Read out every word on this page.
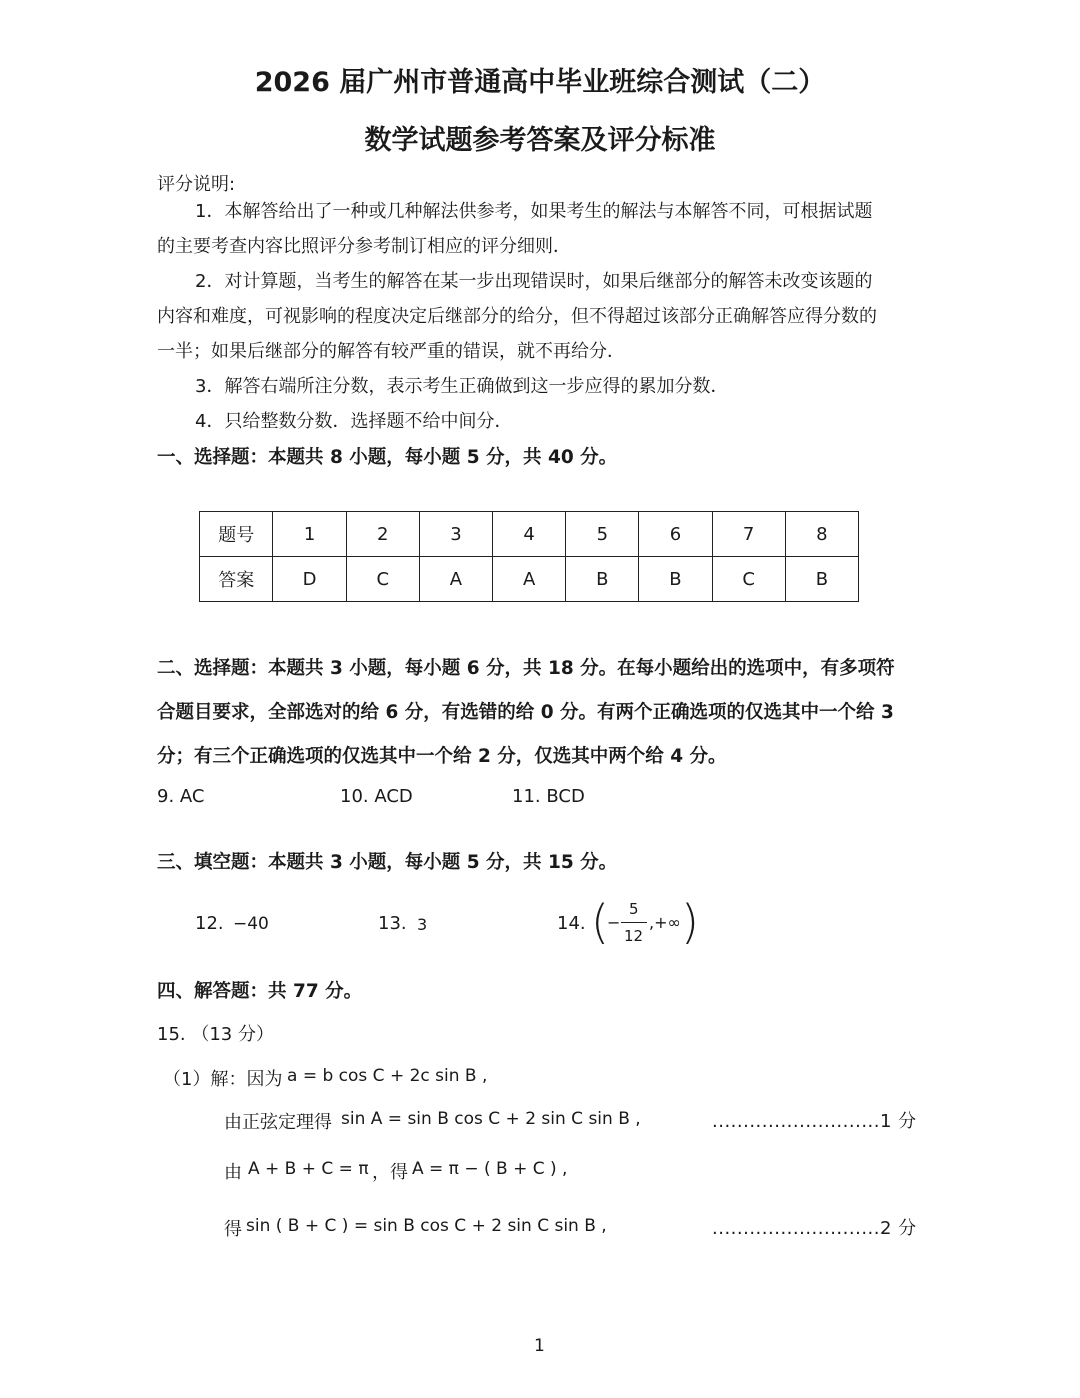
2026 届广州市普通高中毕业班综合测试（二）
数学试题参考答案及评分标准
评分说明:
1．本解答给出了一种或几种解法供参考，如果考生的解法与本解答不同，可根据试题
的主要考查内容比照评分参考制订相应的评分细则．
2．对计算题，当考生的解答在某一步出现错误时，如果后继部分的解答未改变该题的
内容和难度，可视影响的程度决定后继部分的给分，但不得超过该部分正确解答应得分数的
一半；如果后继部分的解答有较严重的错误，就不再给分．
3．解答右端所注分数，表示考生正确做到这一步应得的累加分数．
4．只给整数分数．选择题不给中间分．
一、选择题：本题共 8 小题，每小题 5 分，共 40 分。
题号	1	2	3	4	5	6	7	8
答案	D	C	A	A	B	B	C	B
二、选择题：本题共 3 小题，每小题 6 分，共 18 分。在每小题给出的选项中，有多项符
合题目要求，全部选对的给 6 分，有选错的给 0 分。有两个正确选项的仅选其中一个给 3
分；有三个正确选项的仅选其中一个给 2 分，仅选其中两个给 4 分。
9. AC	10. ACD	11. BCD
三、填空题：本题共 3 小题，每小题 5 分，共 15 分。
12. −40	13. 3	14. (
−
5
12
,+∞ )
四、解答题：共 77 分。
15. （13 分）
（1）解：因为 a = b cos C + 2c sin B ,
由正弦定理得 sin A = sin B cos C + 2 sin C sin B ,	...........................1 分
由 A + B + C = π ，得 A = π − ( B + C ) ,
得 sin ( B + C ) = sin B cos C + 2 sin C sin B ,	...........................2 分
1
